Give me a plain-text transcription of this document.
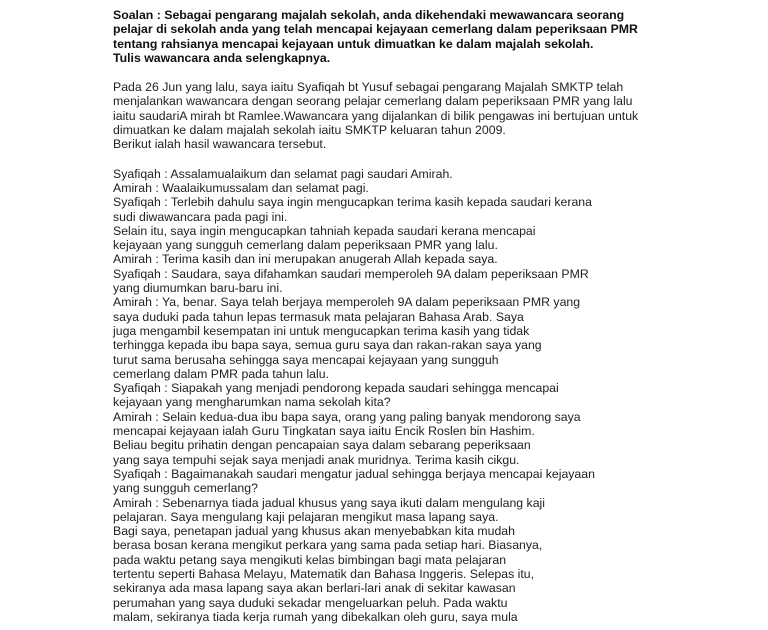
Soalan : Sebagai pengarang majalah sekolah, anda dikehendaki mewawancara seorang
pelajar di sekolah anda yang telah mencapai kejayaan cemerlang dalam peperiksaan PMR
tentang rahsianya mencapai kejayaan untuk dimuatkan ke dalam majalah sekolah.
Tulis wawancara anda selengkapnya.
Pada 26 Jun yang lalu, saya iaitu Syafiqah bt Yusuf sebagai pengarang Majalah SMKTP telah
menjalankan wawancara dengan seorang pelajar cemerlang dalam peperiksaan PMR yang lalu
iaitu saudariA mirah bt Ramlee.Wawancara yang dijalankan di bilik pengawas ini bertujuan untuk
dimuatkan ke dalam majalah sekolah iaitu SMKTP keluaran tahun 2009.
Berikut ialah hasil wawancara tersebut.
Syafiqah : Assalamualaikum dan selamat pagi saudari Amirah.
Amirah : Waalaikumussalam dan selamat pagi.
Syafiqah : Terlebih dahulu saya ingin mengucapkan terima kasih kepada saudari kerana
sudi diwawancara pada pagi ini.
Selain itu, saya ingin mengucapkan tahniah kepada saudari kerana mencapai
kejayaan yang sungguh cemerlang dalam peperiksaan PMR yang lalu.
Amirah : Terima kasih dan ini merupakan anugerah Allah kepada saya.
Syafiqah : Saudara, saya difahamkan saudari memperoleh 9A dalam peperiksaan PMR
yang diumumkan baru-baru ini.
Amirah : Ya, benar. Saya telah berjaya memperoleh 9A dalam peperiksaan PMR yang
saya duduki pada tahun lepas termasuk mata pelajaran Bahasa Arab. Saya
juga mengambil kesempatan ini untuk mengucapkan terima kasih yang tidak
terhingga kepada ibu bapa saya, semua guru saya dan rakan-rakan saya yang
turut sama berusaha sehingga saya mencapai kejayaan yang sungguh
cemerlang dalam PMR pada tahun lalu.
Syafiqah : Siapakah yang menjadi pendorong kepada saudari sehingga mencapai
kejayaan yang mengharumkan nama sekolah kita?
Amirah : Selain kedua-dua ibu bapa saya, orang yang paling banyak mendorong saya
mencapai kejayaan ialah Guru Tingkatan saya iaitu Encik Roslen bin Hashim.
Beliau begitu prihatin dengan pencapaian saya dalam sebarang peperiksaan
yang saya tempuhi sejak saya menjadi anak muridnya. Terima kasih cikgu.
Syafiqah : Bagaimanakah saudari mengatur jadual sehingga berjaya mencapai kejayaan
yang sungguh cemerlang?
Amirah : Sebenarnya tiada jadual khusus yang saya ikuti dalam mengulang kaji
pelajaran. Saya mengulang kaji pelajaran mengikut masa lapang saya.
Bagi saya, penetapan jadual yang khusus akan menyebabkan kita mudah
berasa bosan kerana mengikut perkara yang sama pada setiap hari. Biasanya,
pada waktu petang saya mengikuti kelas bimbingan bagi mata pelajaran
tertentu seperti Bahasa Melayu, Matematik dan Bahasa Inggeris. Selepas itu,
sekiranya ada masa lapang saya akan berlari-lari anak di sekitar kawasan
perumahan yang saya duduki sekadar mengeluarkan peluh. Pada waktu
malam, sekiranya tiada kerja rumah yang dibekalkan oleh guru, saya mula
